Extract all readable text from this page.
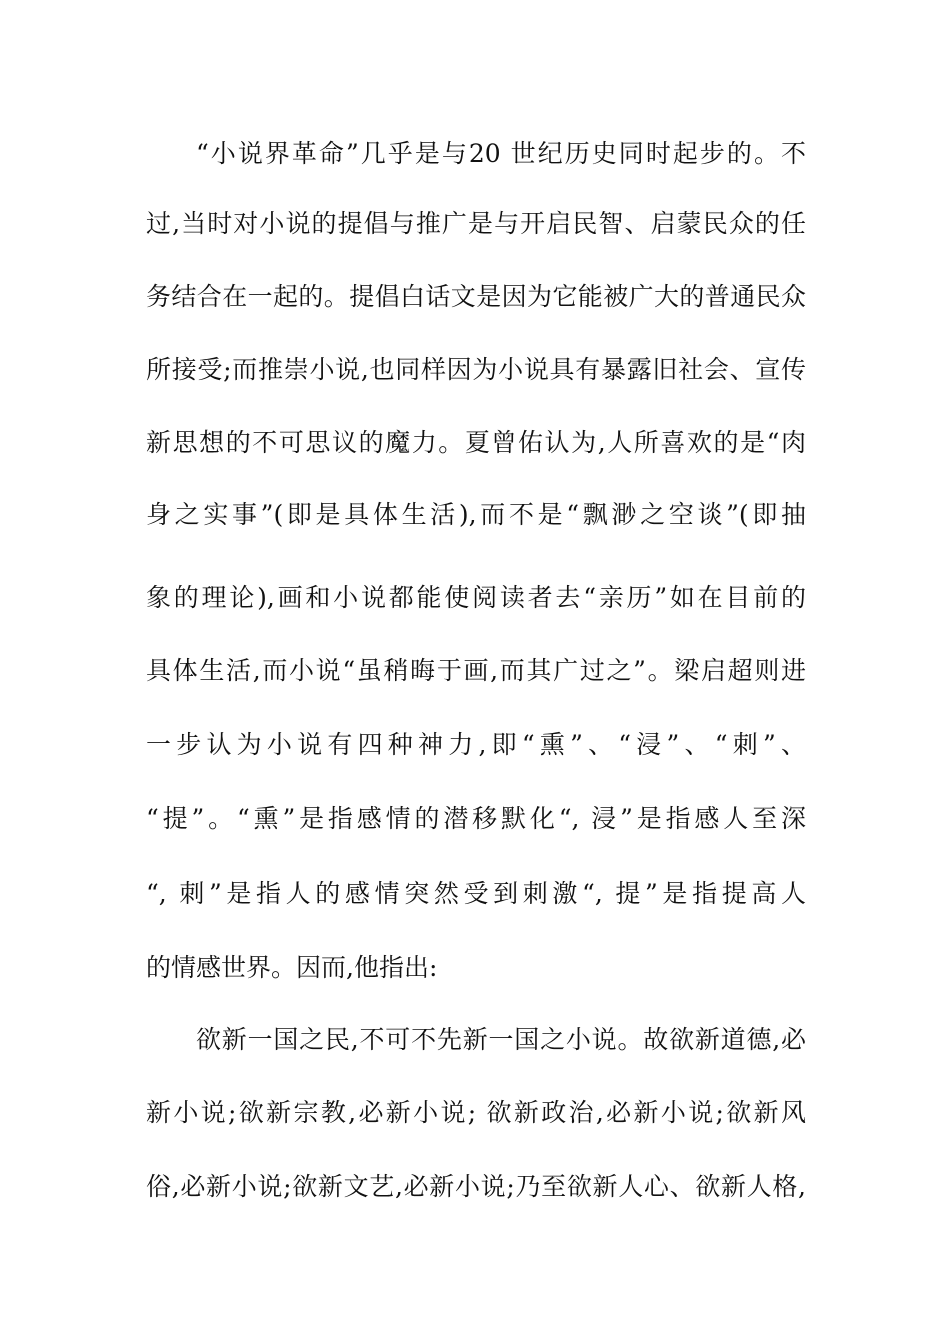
“小说界革命”几乎是与20 世纪历史同时起步的。不
过,当时对小说的提倡与推广是与开启民智、启蒙民众的任
务结合在一起的。提倡白话文是因为它能被广大的普通民众
所接受;而推崇小说,也同样因为小说具有暴露旧社会、宣传
新思想的不可思议的魔力。夏曾佑认为,人所喜欢的是“肉
身之实事”(即是具体生活),而不是“飘渺之空谈”(即抽
象的理论),画和小说都能使阅读者去“亲历”如在目前的
具体生活,而小说“虽稍晦于画,而其广过之”。梁启超则进
一步认为小说有四种神力,即“熏”、“浸”、“刺”、
“提”。“熏”是指感情的潜移默化“, 浸”是指感人至深
“, 刺”是指人的感情突然受到刺激“, 提”是指提高人
的情感世界。因而,他指出:
欲新一国之民,不可不先新一国之小说。故欲新道德,必
新小说;欲新宗教,必新小说; 欲新政治,必新小说;欲新风
俗,必新小说;欲新文艺,必新小说;乃至欲新人心、欲新人格,
